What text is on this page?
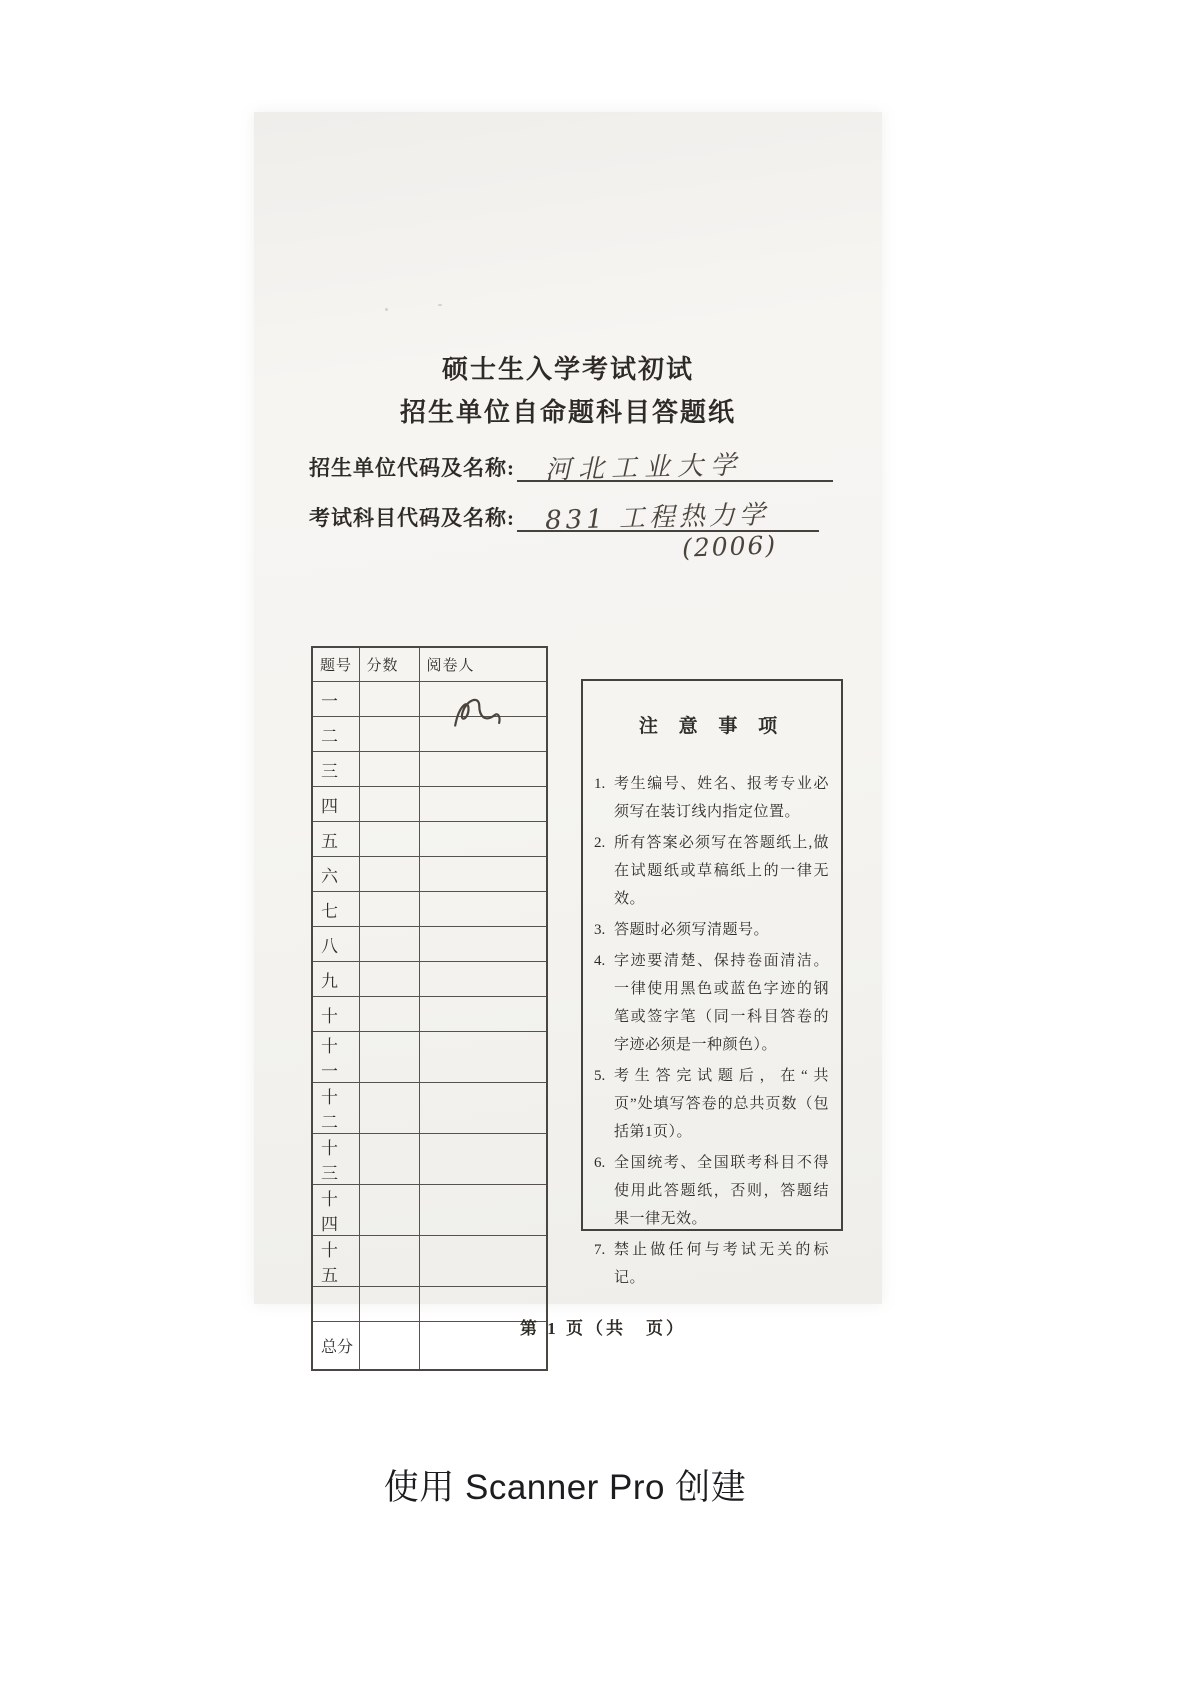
硕士生入学考试初试
招生单位自命题科目答题纸
招生单位代码及名称: 河北工业大学
考试科目代码及名称: 831 工程热力学
(2006)
题号	分数	阅卷人
一		

二		
三		
四		
五		
六		
七		
八		
九		
十		
十一		
十二		
十三		
十四		
十五		

总分		
注 意 事 项
1. 考生编号、姓名、报考专业必须写在装订线内指定位置。
2. 所有答案必须写在答题纸上,做在试题纸或草稿纸上的一律无效。
3. 答题时必须写清题号。
4. 字迹要清楚、保持卷面清洁。一律使用黑色或蓝色字迹的钢笔或签字笔（同一科目答卷的字迹必须是一种颜色）。
5. 考生答完试题后，在“共　页”处填写答卷的总共页数（包括第1页）。
6. 全国统考、全国联考科目不得使用此答题纸，否则，答题结果一律无效。
7. 禁止做任何与考试无关的标记。
第 1 页（共　页）
使用 Scanner Pro 创建
